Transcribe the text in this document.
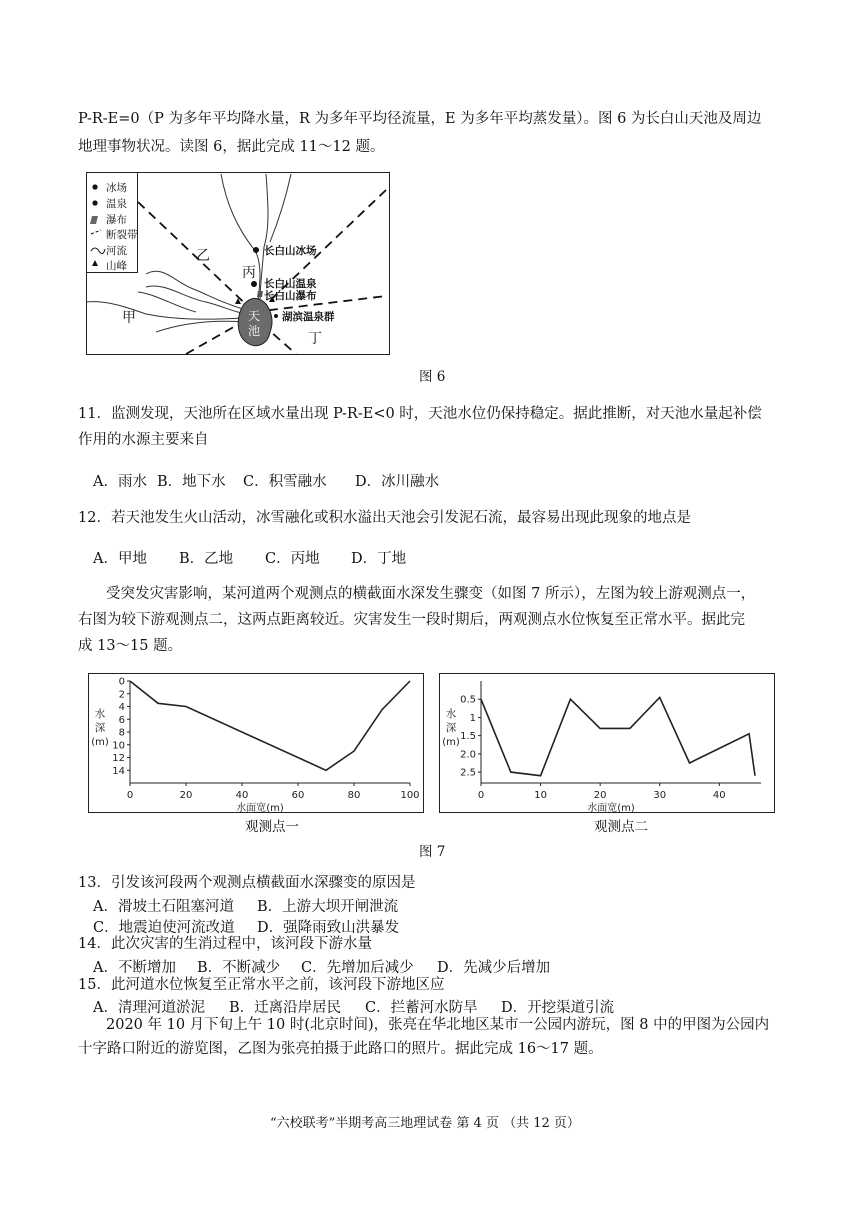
P-R-E=0（P 为多年平均降水量，R 为多年平均径流量，E 为多年平均蒸发量）。图 6 为长白山天池及周边
地理事物状况。读图 6，据此完成 11～12 题。
冰场
温泉
瀑布
断裂带
河流
山峰
天
池
长白山冰场
长白山温泉
长白山瀑布
湖滨温泉群
甲
乙
丙
丁
图 6
11．监测发现，天池所在区域水量出现 P-R-E<0 时，天池水位仍保持稳定。据此推断，对天池水量起补偿
作用的水源主要来自
A．雨水 B．地下水 C．积雪融水 D．冰川融水
12．若天池发生火山活动，冰雪融化或积水溢出天池会引发泥石流，最容易出现此现象的地点是
A．甲地 B．乙地 C．丙地 D．丁地
受突发灾害影响，某河道两个观测点的横截面水深发生骤变（如图 7 所示），左图为较上游观测点一，
右图为较下游观测点二，这两点距离较近。灾害发生一段时期后，两观测点水位恢复至正常水平。据此完
成 13～15 题。
0
2
4
6
8
10
12
14
0	20	40	60	80	100
水面宽(m)
水
深
(m)
0.5
1
1.5
2.0
2.5
0	10	20	30	40
水面宽(m)
水
深
(m)
观测点一	观测点二
图 7
13．引发该河段两个观测点横截面水深骤变的原因是
A．滑坡土石阻塞河道 B．上游大坝开闸泄流
C．地震迫使河流改道 D．强降雨致山洪暴发
14．此次灾害的生消过程中，该河段下游水量
A．不断增加 B．不断减少 C．先增加后减少 D．先减少后增加
15．此河道水位恢复至正常水平之前，该河段下游地区应
A．清理河道淤泥 B．迁离沿岸居民 C．拦蓄河水防旱 D．开挖渠道引流
2020 年 10 月下旬上午 10 时(北京时间)，张亮在华北地区某市一公园内游玩，图 8 中的甲图为公园内
十字路口附近的游览图，乙图为张亮拍摄于此路口的照片。据此完成 16～17 题。
“六校联考”半期考高三地理试卷 第 4 页 （共 12 页）
